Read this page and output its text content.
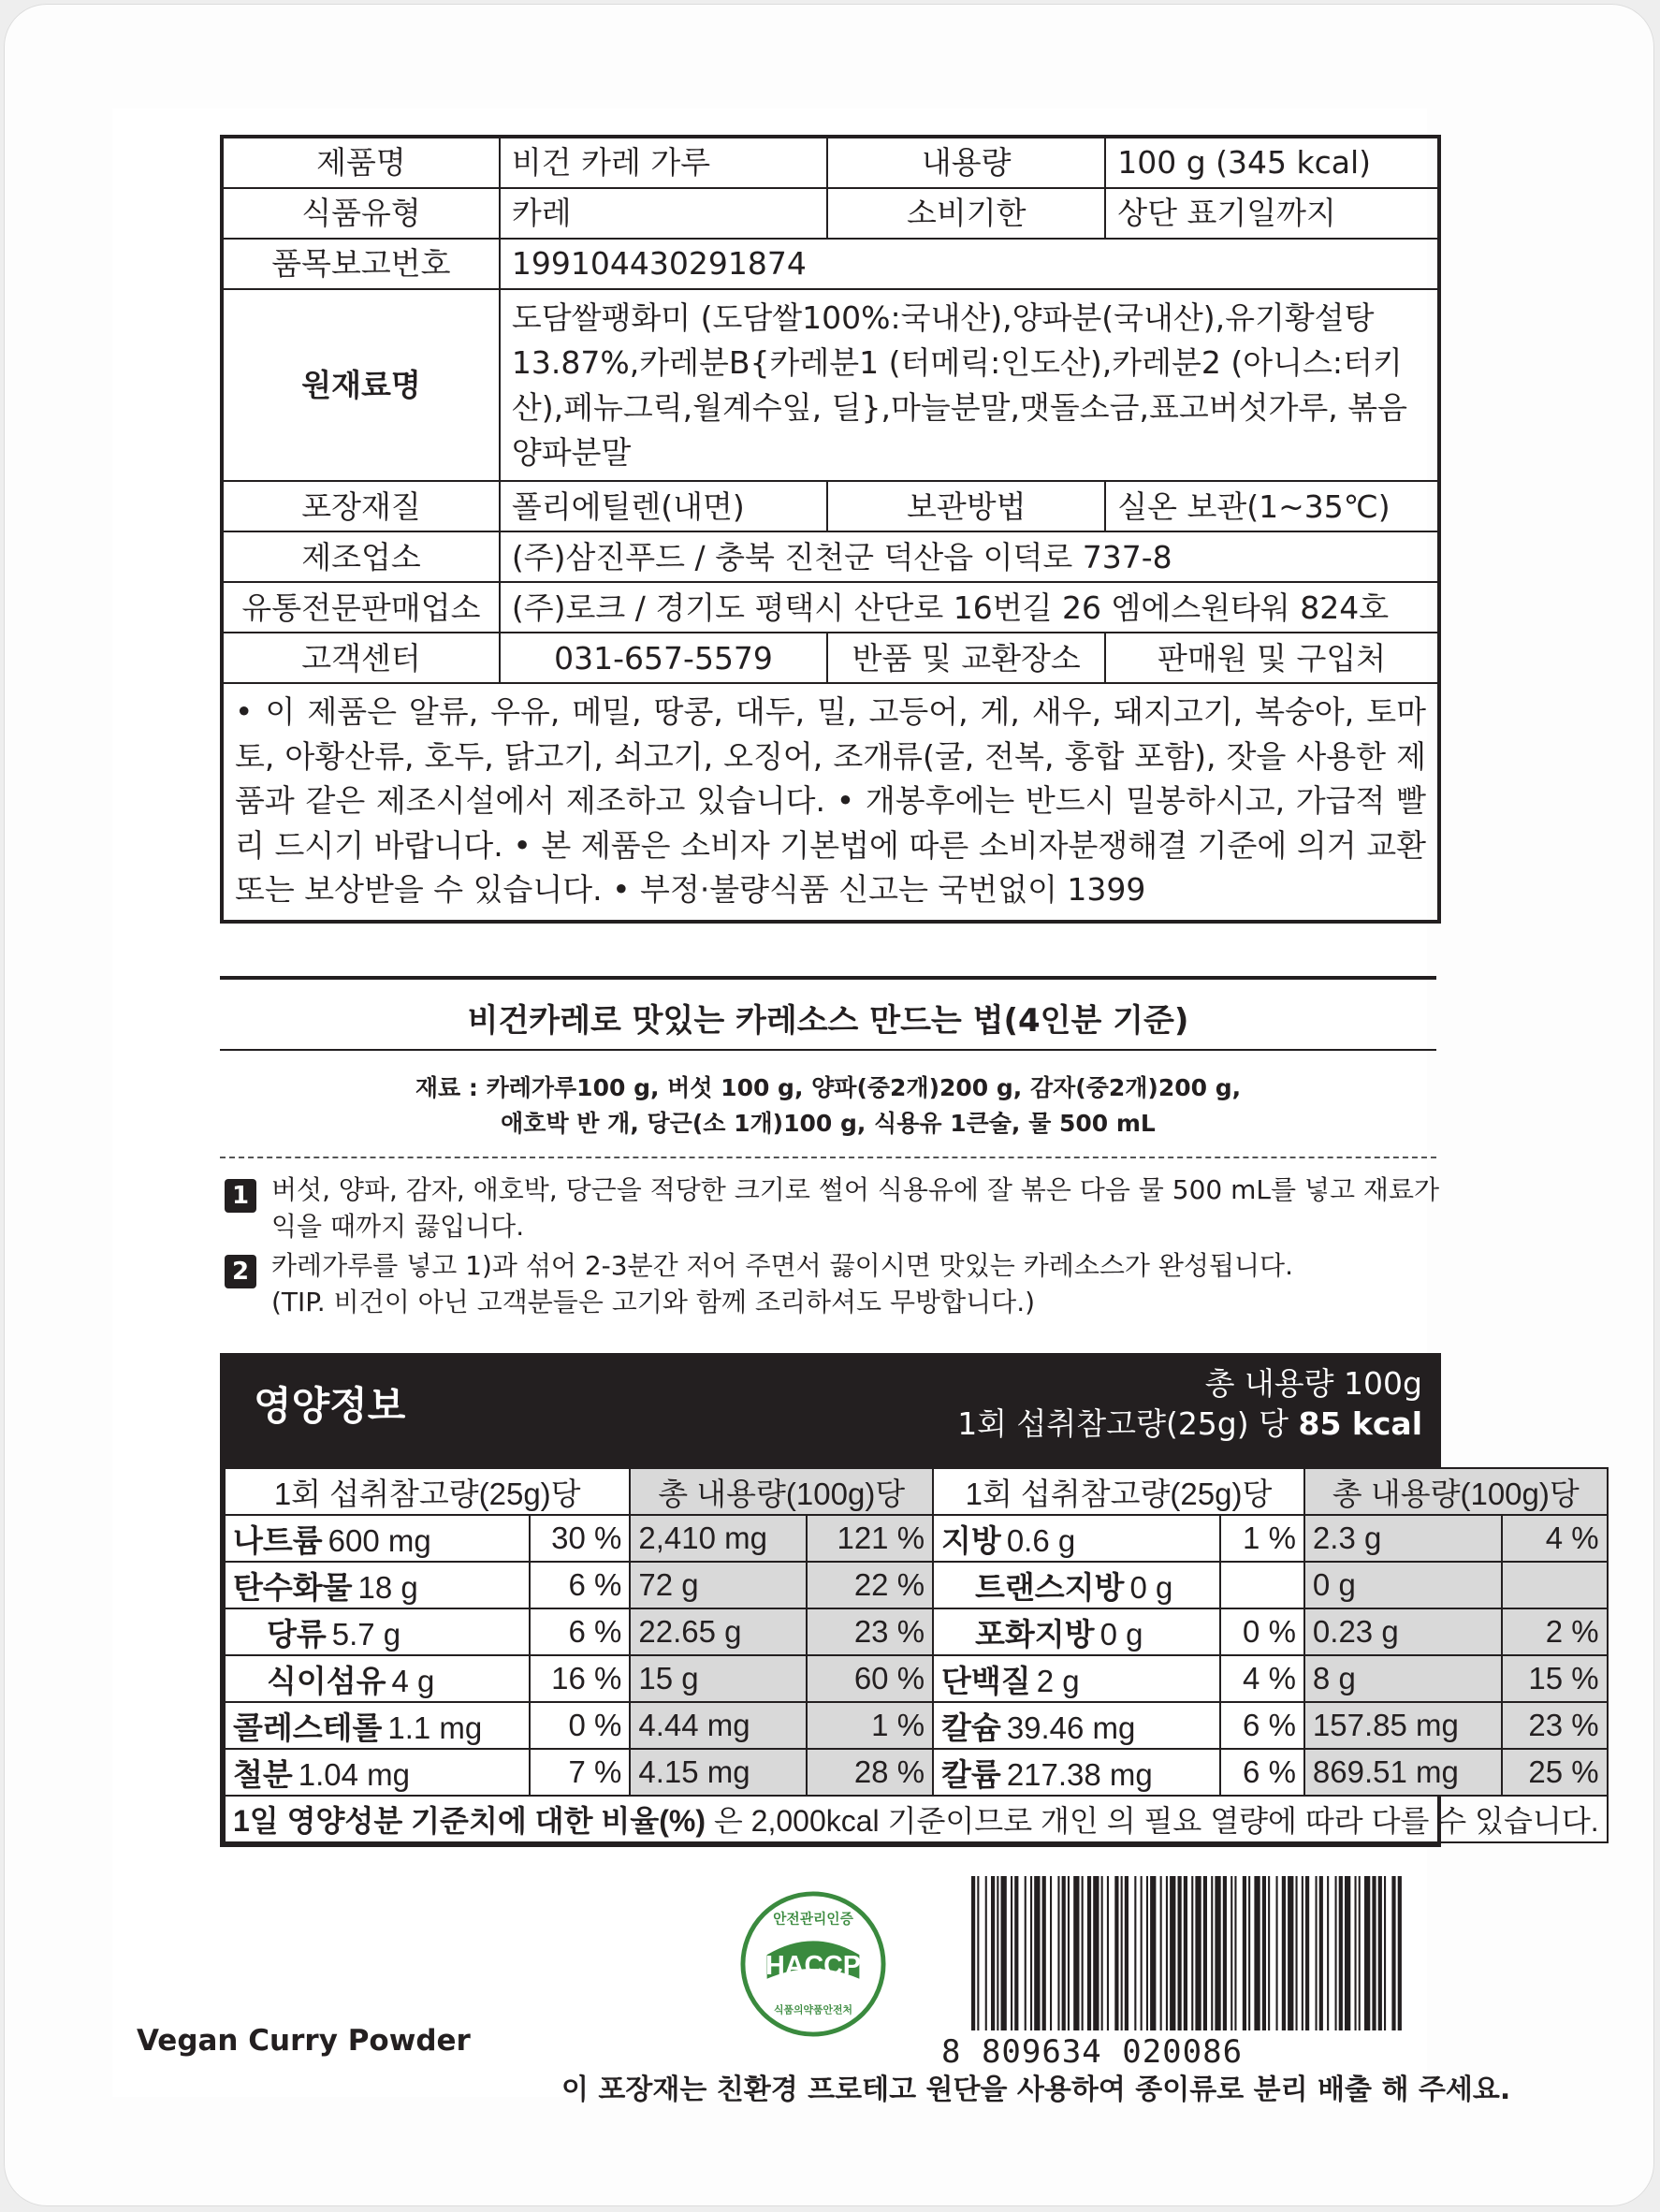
제품명	비건 카레 가루	내용량	100 g (345 kcal)
식품유형	카레	소비기한	상단 표기일까지
품목보고번호	199104430291874		
원재료명	도담쌀팽화미 (도담쌀100%:국내산),양파분(국내산),유기황설탕 13.87%,카레분B{카레분1 (터메릭:인도산),카레분2 (아니스:터키산),페뉴그릭,월계수잎, 딜},마늘분말,맷돌소금,표고버섯가루, 볶음양파분말		
포장재질	폴리에틸렌(내면)	보관방법	실온 보관(1~35℃)
제조업소	(주)삼진푸드 / 충북 진천군 덕산읍 이덕로 737-8		
유통전문판매업소	(주)로크 / 경기도 평택시 산단로 16번길 26 엠에스원타워 824호		
고객센터	031-657-5579	반품 및 교환장소	판매원 및 구입처
• 이 제품은 알류, 우유, 메밀, 땅콩, 대두, 밀, 고등어, 게, 새우, 돼지고기, 복숭아, 토마토, 아황산류, 호두, 닭고기, 쇠고기, 오징어, 조개류(굴, 전복, 홍합 포함), 잣을 사용한 제품과 같은 제조시설에서 제조하고 있습니다. • 개봉후에는 반드시 밀봉하시고, 가급적 빨리 드시기 바랍니다. • 본 제품은 소비자 기본법에 따른 소비자분쟁해결 기준에 의거 교환 또는 보상받을 수 있습니다. • 부정·불량식품 신고는 국번없이 1399			
비건카레로 맛있는 카레소스 만드는 법(4인분 기준)
재료 : 카레가루100 g, 버섯 100 g, 양파(중2개)200 g, 감자(중2개)200 g,
애호박 반 개, 당근(소 1개)100 g, 식용유 1큰술, 물 500 mL
1 버섯, 양파, 감자, 애호박, 당근을 적당한 크기로 썰어 식용유에 잘 볶은 다음 물 500 mL를 넣고 재료가 익을 때까지 끓입니다.
2 카레가루를 넣고 1)과 섞어 2-3분간 저어 주면서 끓이시면 맛있는 카레소스가 완성됩니다.
(TIP. 비건이 아닌 고객분들은 고기와 함께 조리하셔도 무방합니다.)
영양정보	총 내용량 100g
1회 섭취참고량(25g) 당 85 kcal
1회 섭취참고량(25g)당		총 내용량(100g)당		1회 섭취참고량(25g)당		총 내용량(100g)당	
나트륨 600 mg	30 %	2,410 mg	121 %	지방 0.6 g	1 %	2.3 g	4 %
탄수화물 18 g	6 %	72 g	22 %	트랜스지방 0 g		0 g	
당류 5.7 g	6 %	22.65 g	23 %	포화지방 0 g	0 %	0.23 g	2 %
식이섬유 4 g	16 %	15 g	60 %	단백질 2 g	4 %	8 g	15 %
콜레스테롤 1.1 mg	0 %	4.44 mg	1 %	칼슘 39.46 mg	6 %	157.85 mg	23 %
철분 1.04 mg	7 %	4.15 mg	28 %	칼륨 217.38 mg	6 %	869.51 mg	25 %
1일 영양성분 기준치에 대한 비율(%) 은 2,000kcal 기준이므로 개인 의 필요 열량에 따라 다를 수 있습니다.							
안전관리인증
HACCP
식품의약품안전처
8 809634 020086
Vegan Curry Powder
이 포장재는 친환경 프로테고 원단을 사용하여 종이류로 분리 배출 해 주세요.
